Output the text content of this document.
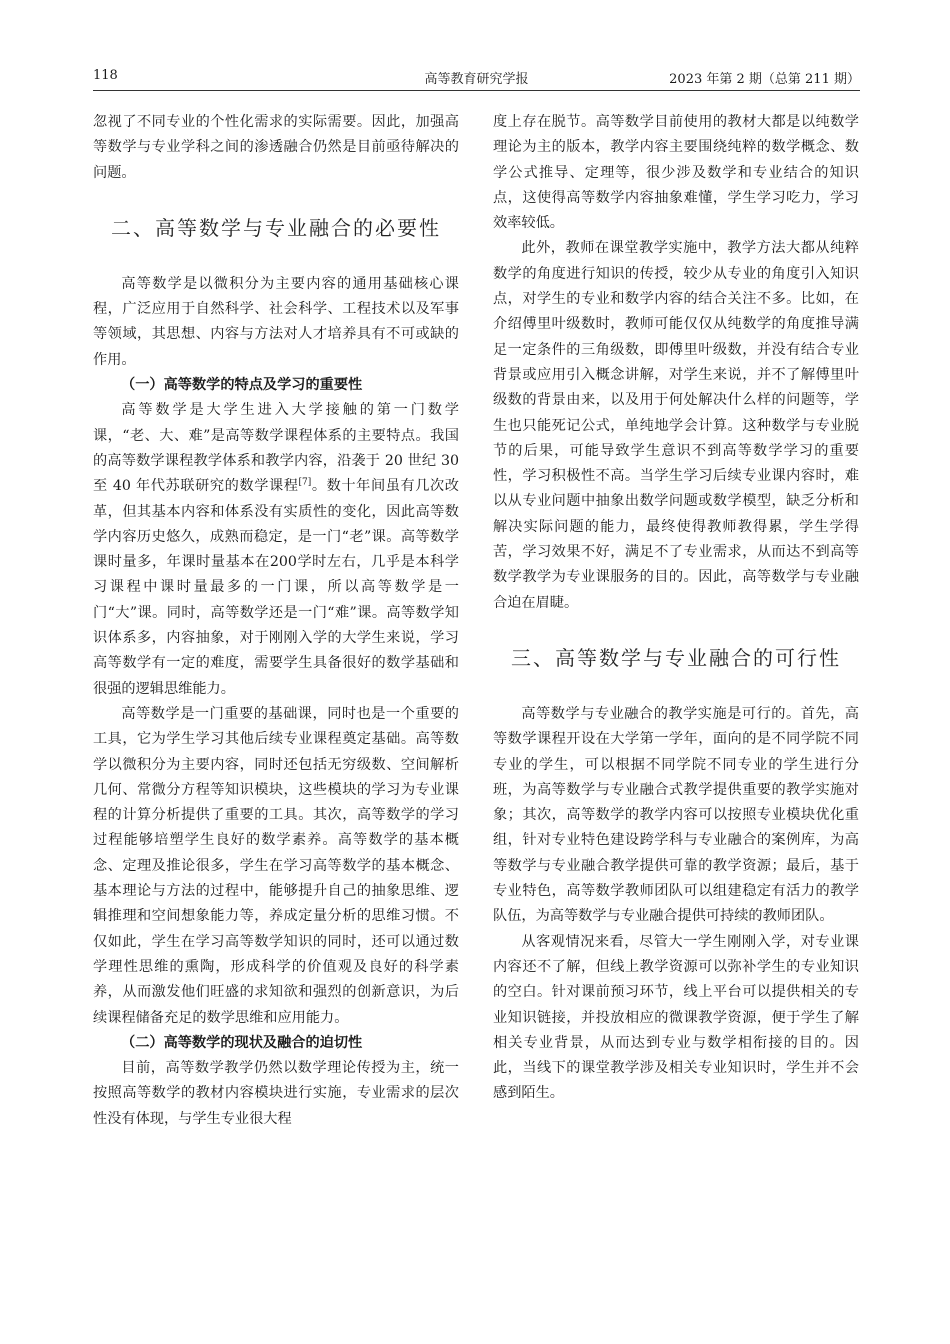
118	高等教育研究学报	2023 年第 2 期（总第 211 期）

忽视了不同专业的个性化需求的实际需要。因此，加强高等数学与专业学科之间的渗透融合仍然是目前亟待解决的问题。

二、高等数学与专业融合的必要性

高等数学是以微积分为主要内容的通用基础核心课程，广泛应用于自然科学、社会科学、工程技术以及军事等领域，其思想、内容与方法对人才培养具有不可或缺的作用。

（一）高等数学的特点及学习的重要性

高等数学是大学生进入大学接触的第一门数学课，“老、大、难”是高等数学课程体系的主要特点。我国的高等数学课程教学体系和教学内容，沿袭于 20 世纪 30 至 40 年代苏联研究的数学课程[7]。数十年间虽有几次改革，但其基本内容和体系没有实质性的变化，因此高等数学内容历史悠久，成熟而稳定，是一门“老”课。高等数学课时量多，年课时量基本在200学时左右，几乎是本科学习课程中课时量最多的一门课，所以高等数学是一门“大”课。同时，高等数学还是一门“难”课。高等数学知识体系多，内容抽象，对于刚刚入学的大学生来说，学习高等数学有一定的难度，需要学生具备很好的数学基础和很强的逻辑思维能力。

高等数学是一门重要的基础课，同时也是一个重要的工具，它为学生学习其他后续专业课程奠定基础。高等数学以微积分为主要内容，同时还包括无穷级数、空间解析几何、常微分方程等知识模块，这些模块的学习为专业课程的计算分析提供了重要的工具。其次，高等数学的学习过程能够培塑学生良好的数学素养。高等数学的基本概念、定理及推论很多，学生在学习高等数学的基本概念、基本理论与方法的过程中，能够提升自己的抽象思维、逻辑推理和空间想象能力等，养成定量分析的思维习惯。不仅如此，学生在学习高等数学知识的同时，还可以通过数学理性思维的熏陶，形成科学的价值观及良好的科学素养，从而激发他们旺盛的求知欲和强烈的创新意识，为后续课程储备充足的数学思维和应用能力。

（二）高等数学的现状及融合的迫切性

目前，高等数学教学仍然以数学理论传授为主，统一按照高等数学的教材内容模块进行实施，专业需求的层次性没有体现，与学生专业很大程

度上存在脱节。高等数学目前使用的教材大都是以纯数学理论为主的版本，教学内容主要围绕纯粹的数学概念、数学公式推导、定理等，很少涉及数学和专业结合的知识点，这使得高等数学内容抽象难懂，学生学习吃力，学习效率较低。

此外，教师在课堂教学实施中，教学方法大都从纯粹数学的角度进行知识的传授，较少从专业的角度引入知识点，对学生的专业和数学内容的结合关注不多。比如，在介绍傅里叶级数时，教师可能仅仅从纯数学的角度推导满足一定条件的三角级数，即傅里叶级数，并没有结合专业背景或应用引入概念讲解，对学生来说，并不了解傅里叶级数的背景由来，以及用于何处解决什么样的问题等，学生也只能死记公式，单纯地学会计算。这种数学与专业脱节的后果，可能导致学生意识不到高等数学学习的重要性，学习积极性不高。当学生学习后续专业课内容时，难以从专业问题中抽象出数学问题或数学模型，缺乏分析和解决实际问题的能力，最终使得教师教得累，学生学得苦，学习效果不好，满足不了专业需求，从而达不到高等数学教学为专业课服务的目的。因此，高等数学与专业融合迫在眉睫。

三、高等数学与专业融合的可行性

高等数学与专业融合的教学实施是可行的。首先，高等数学课程开设在大学第一学年，面向的是不同学院不同专业的学生，可以根据不同学院不同专业的学生进行分班，为高等数学与专业融合式教学提供重要的教学实施对象；其次，高等数学的教学内容可以按照专业模块优化重组，针对专业特色建设跨学科与专业融合的案例库，为高等数学与专业融合教学提供可靠的教学资源；最后，基于专业特色，高等数学教师团队可以组建稳定有活力的教学队伍，为高等数学与专业融合提供可持续的教师团队。

从客观情况来看，尽管大一学生刚刚入学，对专业课内容还不了解，但线上教学资源可以弥补学生的专业知识的空白。针对课前预习环节，线上平台可以提供相关的专业知识链接，并投放相应的微课教学资源，便于学生了解相关专业背景，从而达到专业与数学相衔接的目的。因此，当线下的课堂教学涉及相关专业知识时，学生并不会感到陌生。
